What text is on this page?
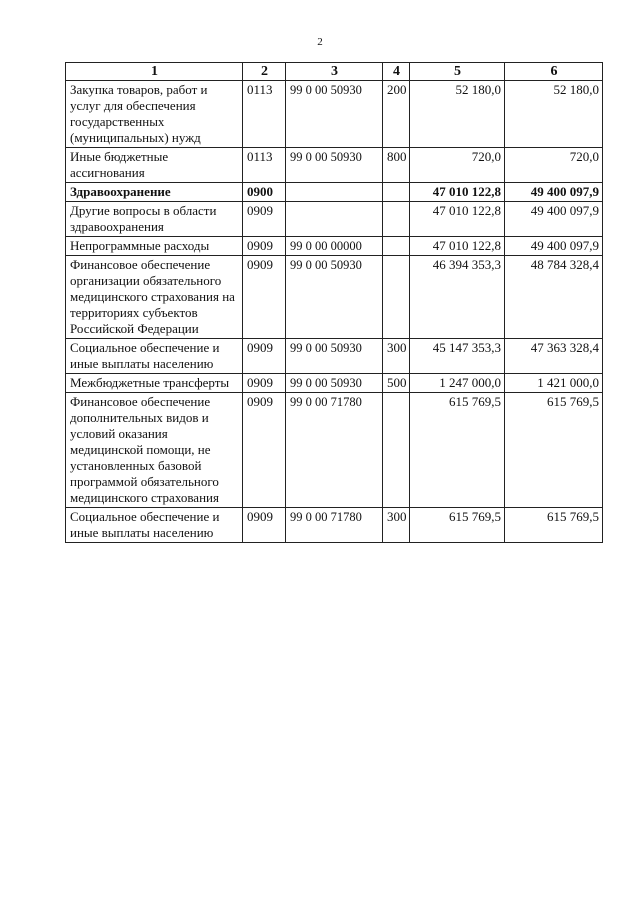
2
1	2	3	4	5	6
Закупка товаров, работ и услуг для обеспечения государственных (муниципальных) нужд	0113	99 0 00 50930	200	52 180,0	52 180,0
Иные бюджетные ассигнования	0113	99 0 00 50930	800	720,0	720,0
Здравоохранение	0900			47 010 122,8	49 400 097,9
Другие вопросы в области здравоохранения	0909			47 010 122,8	49 400 097,9
Непрограммные расходы	0909	99 0 00 00000		47 010 122,8	49 400 097,9
Финансовое обеспечение организации обязательного медицинского страхования на территориях субъектов Российской Федерации	0909	99 0 00 50930		46 394 353,3	48 784 328,4
Социальное обеспечение и иные выплаты населению	0909	99 0 00 50930	300	45 147 353,3	47 363 328,4
Межбюджетные трансферты	0909	99 0 00 50930	500	1 247 000,0	1 421 000,0
Финансовое обеспечение дополнительных видов и условий оказания медицинской помощи, не установленных базовой программой обязательного медицинского страхования	0909	99 0 00 71780		615 769,5	615 769,5
Социальное обеспечение и иные выплаты населению	0909	99 0 00 71780	300	615 769,5	615 769,5
